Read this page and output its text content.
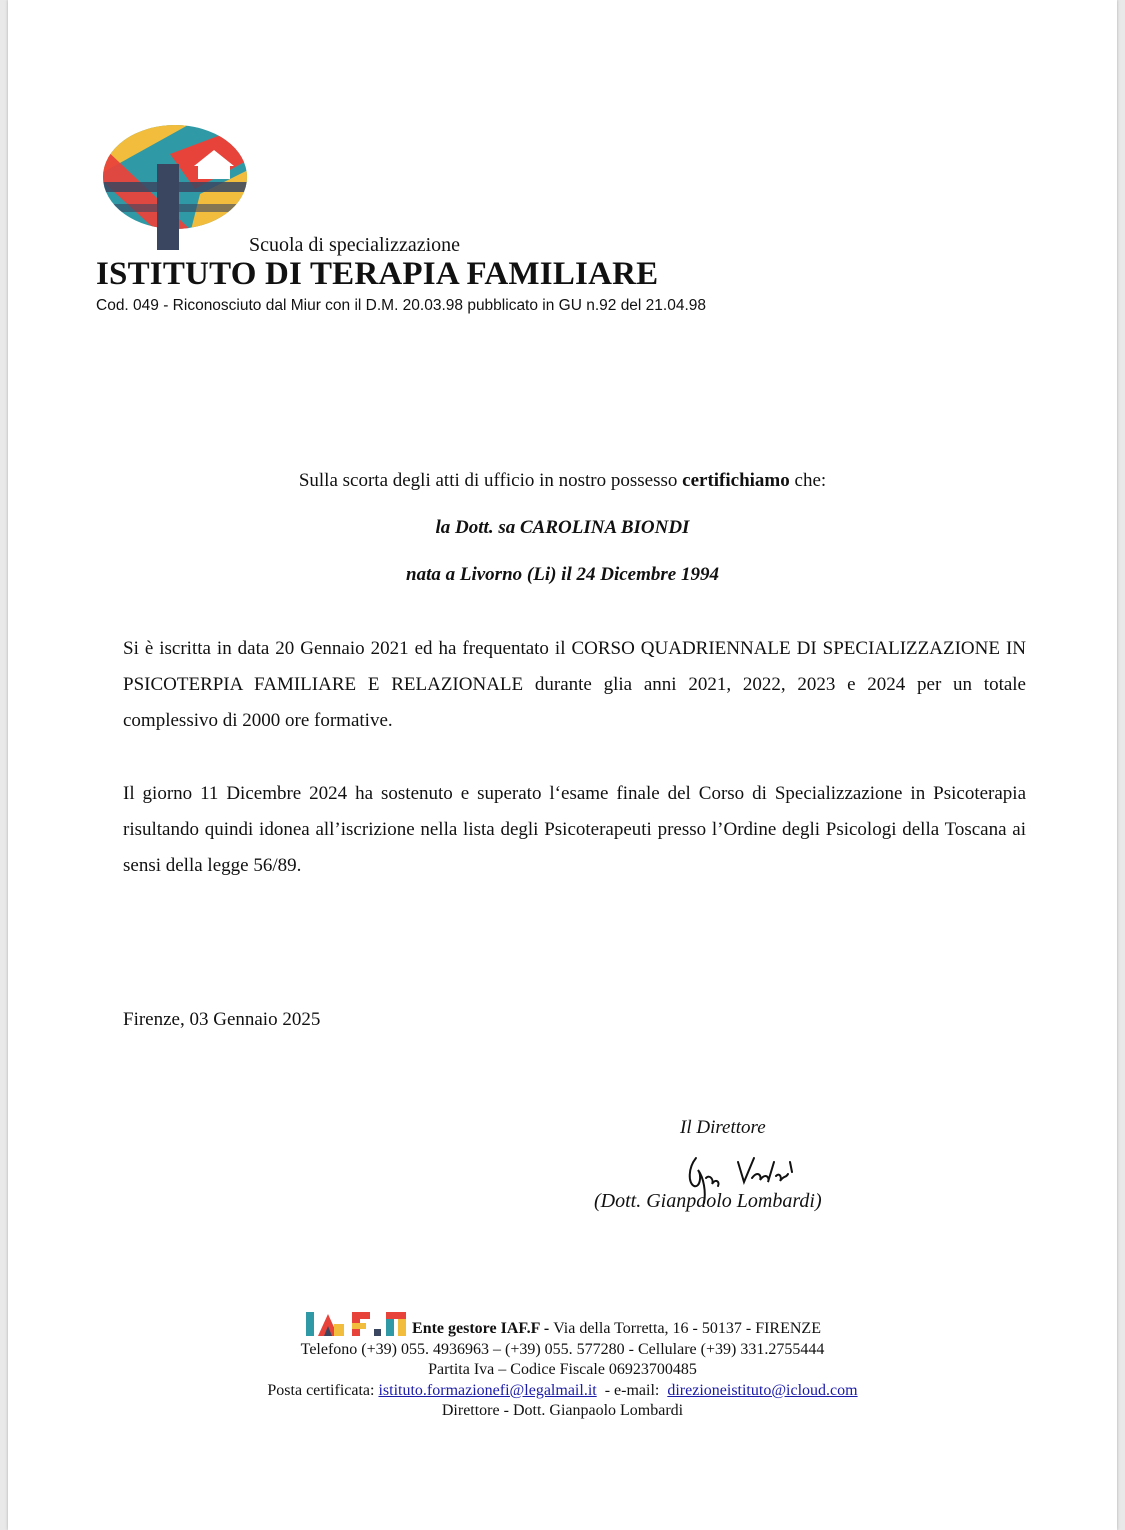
Scuola di specializzazione
ISTITUTO DI TERAPIA FAMILIARE
Cod. 049 - Riconosciuto dal Miur con il D.M. 20.03.98 pubblicato in GU n.92 del 21.04.98
Sulla scorta degli atti di ufficio in nostro possesso certifichiamo che:
la Dott. sa CAROLINA BIONDI
nata a Livorno (Li) il 24 Dicembre 1994
Si è iscritta in data 20 Gennaio 2021 ed ha frequentato il CORSO QUADRIENNALE DI SPECIALIZZAZIONE IN PSICOTERPIA FAMILIARE E RELAZIONALE durante glia anni 2021, 2022, 2023 e 2024 per un totale complessivo di 2000 ore formative.
Il giorno 11 Dicembre 2024 ha sostenuto e superato l‘esame finale del Corso di Specializzazione in Psicoterapia risultando quindi idonea all’iscrizione nella lista degli Psicoterapeuti presso l’Ordine degli Psicologi della Toscana ai sensi della legge 56/89.
Firenze, 03 Gennaio 2025
Il Direttore
(Dott. Gianpaolo Lombardi)
Ente gestore IAF.F - Via della Torretta, 16 - 50137 - FIRENZE
Telefono (+39) 055. 4936963 – (+39) 055. 577280 - Cellulare (+39) 331.2755444
Partita Iva – Codice Fiscale 06923700485
Posta certificata: istituto.formazionefi@legalmail.it  - e-mail:  direzioneistituto@icloud.com
Direttore - Dott. Gianpaolo Lombardi
